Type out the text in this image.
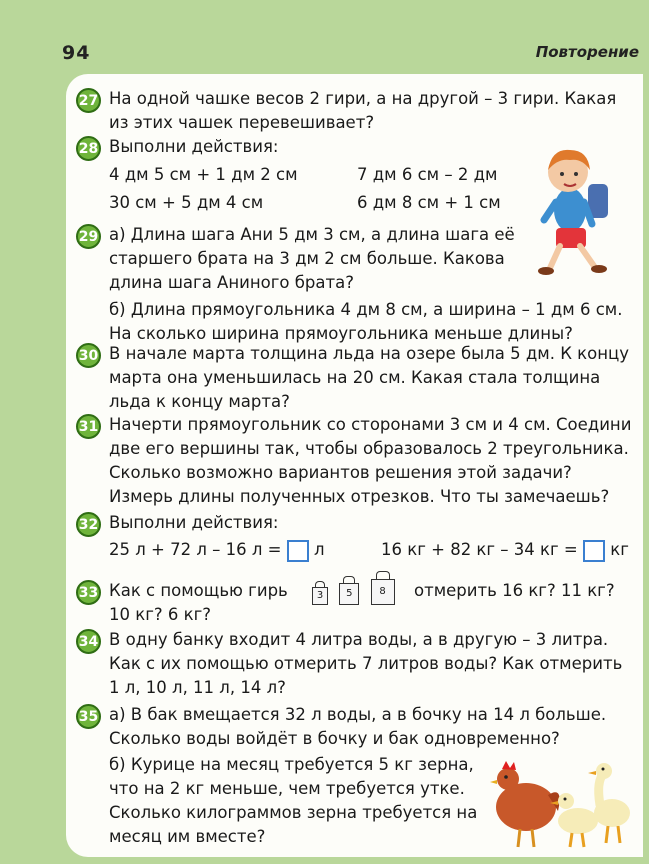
94	Повторение
27 На одной чашке весов 2 гири, а на другой – 3 гири. Какая
из этих чашек перевешивает?
28 Выполни действия:
4 дм 5 см + 1 дм 2 см	7 дм 6 см – 2 дм
30 см + 5 дм 4 см	6 дм 8 см + 1 см
29 а) Длина шага Ани 5 дм 3 см, а длина шага её
старшего брата на 3 дм 2 см больше. Какова
длина шага Аниного брата?
б) Длина прямоугольника 4 дм 8 см, а ширина – 1 дм 6 см.
На сколько ширина прямоугольника меньше длины?
30 В начале марта толщина льда на озере была 5 дм. К концу
марта она уменьшилась на 20 см. Какая стала толщина
льда к концу марта?
31 Начерти прямоугольник со сторонами 3 см и 4 см. Соедини
две его вершины так, чтобы образовалось 2 треугольника.
Сколько возможно вариантов решения этой задачи?
Измерь длины полученных отрезков. Что ты замечаешь?
32 Выполни действия:
25 л + 72 л – 16 л = л	16 кг + 82 кг – 34 кг = кг
33 Как с помощью гирь	3
	5
	8	отмерить 16 кг? 11 кг?
10 кг? 6 кг?
34 В одну банку входит 4 литра воды, а в другую – 3 литра.
Как с их помощью отмерить 7 литров воды? Как отмерить
1 л, 10 л, 11 л, 14 л?
35 а) В бак вмещается 32 л воды, а в бочку на 14 л больше.
Сколько воды войдёт в бочку и бак одновременно?
б) Курице на месяц требуется 5 кг зерна,
что на 2 кг меньше, чем требуется утке.
Сколько килограммов зерна требуется на
месяц им вместе?
